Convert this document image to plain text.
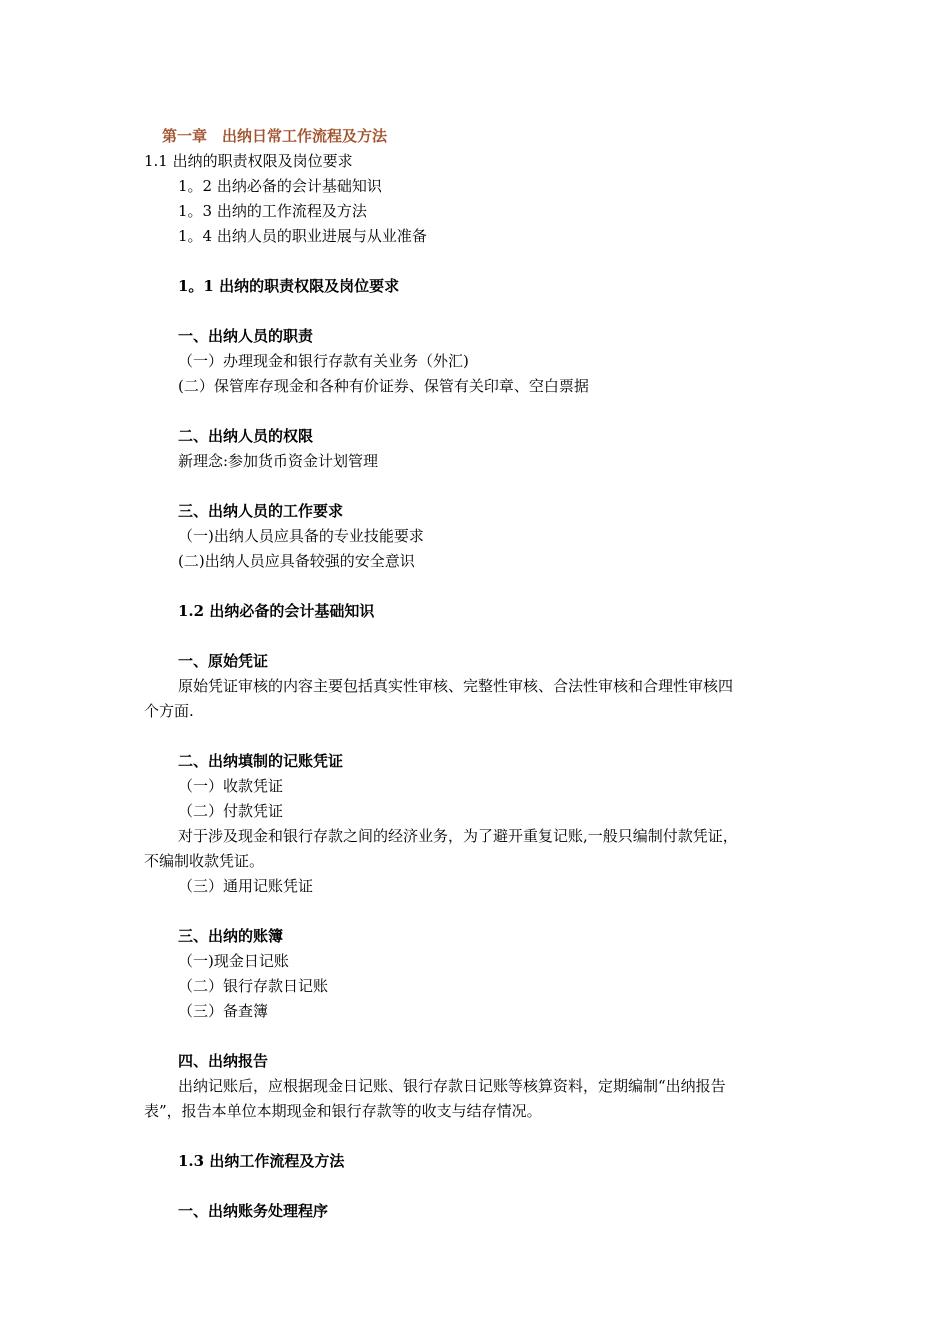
第一章　出纳日常工作流程及方法
1.1 出纳的职责权限及岗位要求
1。2 出纳必备的会计基础知识
1。3 出纳的工作流程及方法
1。4 出纳人员的职业进展与从业准备
1。1 出纳的职责权限及岗位要求
一、出纳人员的职责
（一）办理现金和银行存款有关业务（外汇)
(二）保管库存现金和各种有价证券、保管有关印章、空白票据
二、出纳人员的权限
新理念:参加货币资金计划管理
三、出纳人员的工作要求
（一)出纳人员应具备的专业技能要求
(二)出纳人员应具备较强的安全意识
1.2 出纳必备的会计基础知识
一、原始凭证
原始凭证审核的内容主要包括真实性审核、完整性审核、合法性审核和合理性审核四
个方面.
二、出纳填制的记账凭证
（一）收款凭证
（二）付款凭证
对于涉及现金和银行存款之间的经济业务，为了避开重复记账,一般只编制付款凭证，
不编制收款凭证。
（三）通用记账凭证
三、出纳的账簿
（一)现金日记账
（二）银行存款日记账
（三）备查簿
四、出纳报告
出纳记账后，应根据现金日记账、银行存款日记账等核算资料，定期编制“出纳报告
表”，报告本单位本期现金和银行存款等的收支与结存情况。
1.3 出纳工作流程及方法
一、出纳账务处理程序
